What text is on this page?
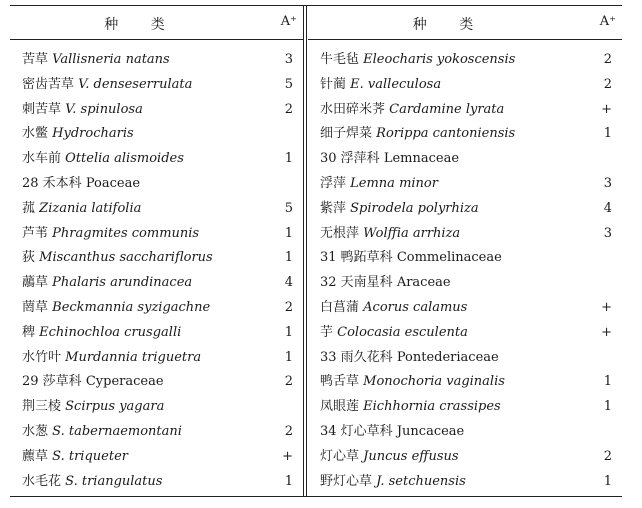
种 类	A⁺
苦草 Vallisneria natans	3
密齿苦草 V. denseserrulata	5
刺苦草 V. spinulosa	2
水鳖 Hydrocharis
水车前 Ottelia alismoides	1
28 禾本科 Poaceae
菰 Zizania latifolia	5
芦苇 Phragmites communis	1
荻 Miscanthus sacchariflorus	1
虉草 Phalaris arundinacea	4
菵草 Beckmannia syzigachne	2
稗 Echinochloa crusgalli	1
水竹叶 Murdannia triguetra	1
29 莎草科 Cyperaceae	2
荆三棱 Scirpus yagara
水葱 S. tabernaemontani	2
藨草 S. triqueter	+
水毛花 S. triangulatus	1
种 类	A⁺
牛毛毡 Eleocharis yokoscensis	2
针蔺 E. valleculosa	2
水田碎米荠 Cardamine lyrata	+
细子焊菜 Rorippa cantoniensis	1
30 浮萍科 Lemnaceae
浮萍 Lemna minor	3
紫萍 Spirodela polyrhiza	4
无根萍 Wolffia arrhiza	3
31 鸭跖草科 Commelinaceae
32 天南星科 Araceae
白菖蒲 Acorus calamus	+
芋 Colocasia esculenta	+
33 雨久花科 Pontederiaceae
鸭舌草 Monochoria vaginalis	1
凤眼莲 Eichhornia crassipes	1
34 灯心草科 Juncaceae
灯心草 Juncus effusus	2
野灯心草 J. setchuensis	1
